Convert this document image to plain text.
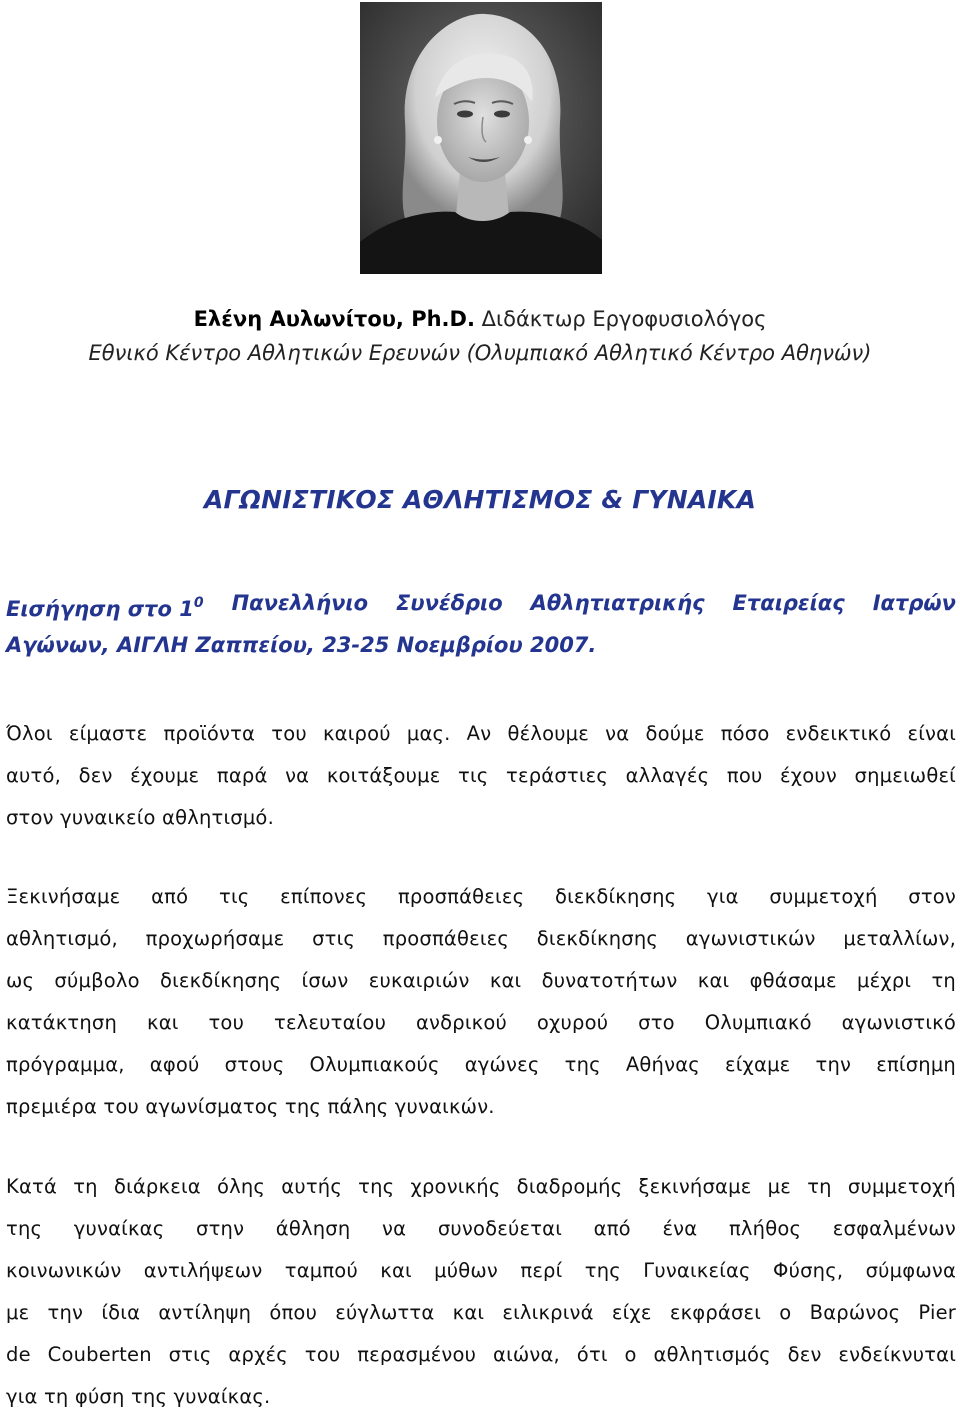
Ελένη Αυλωνίτου, Ph.D. Διδάκτωρ Εργοφυσιολόγος
Εθνικό Κέντρο Αθλητικών Ερευνών (Ολυμπιακό Αθλητικό Κέντρο Αθηνών)
ΑΓΩΝΙΣΤΙΚΟΣ ΑΘΛΗΤΙΣΜΟΣ & ΓΥΝΑΙΚΑ
Εισήγηση στο $1^0$ Πανελλήνιο Συνέδριο Αθλητιατρικής Εταιρείας Ιατρών
Αγώνων, ΑΙΓΛΗ Ζαππείου, 23-25 Νοεμβρίου 2007.
Όλοι είμαστε προϊόντα του καιρού μας. Αν θέλουμε να δούμε πόσο ενδεικτικό είναι
αυτό, δεν έχουμε παρά να κοιτάξουμε τις τεράστιες αλλαγές που έχουν σημειωθεί
στον γυναικείο αθλητισμό.
Ξεκινήσαμε από τις επίπονες προσπάθειες διεκδίκησης για συμμετοχή στον
αθλητισμό, προχωρήσαμε στις προσπάθειες διεκδίκησης αγωνιστικών μεταλλίων,
ως σύμβολο διεκδίκησης ίσων ευκαιριών και δυνατοτήτων και φθάσαμε μέχρι τη
κατάκτηση και του τελευταίου ανδρικού οχυρού στο Ολυμπιακό αγωνιστικό
πρόγραμμα, αφού στους Ολυμπιακούς αγώνες της Αθήνας είχαμε την επίσημη
πρεμιέρα του αγωνίσματος της πάλης γυναικών.
Κατά τη διάρκεια όλης αυτής της χρονικής διαδρομής ξεκινήσαμε με τη συμμετοχή
της γυναίκας στην άθληση να συνοδεύεται από ένα πλήθος εσφαλμένων
κοινωνικών αντιλήψεων ταμπού και μύθων περί της Γυναικείας Φύσης, σύμφωνα
με την ίδια αντίληψη όπου εύγλωττα και ειλικρινά είχε εκφράσει ο Βαρώνος Pier
de Couberten στις αρχές του περασμένου αιώνα, ότι ο αθλητισμός δεν ενδείκνυται
για τη φύση της γυναίκας.
